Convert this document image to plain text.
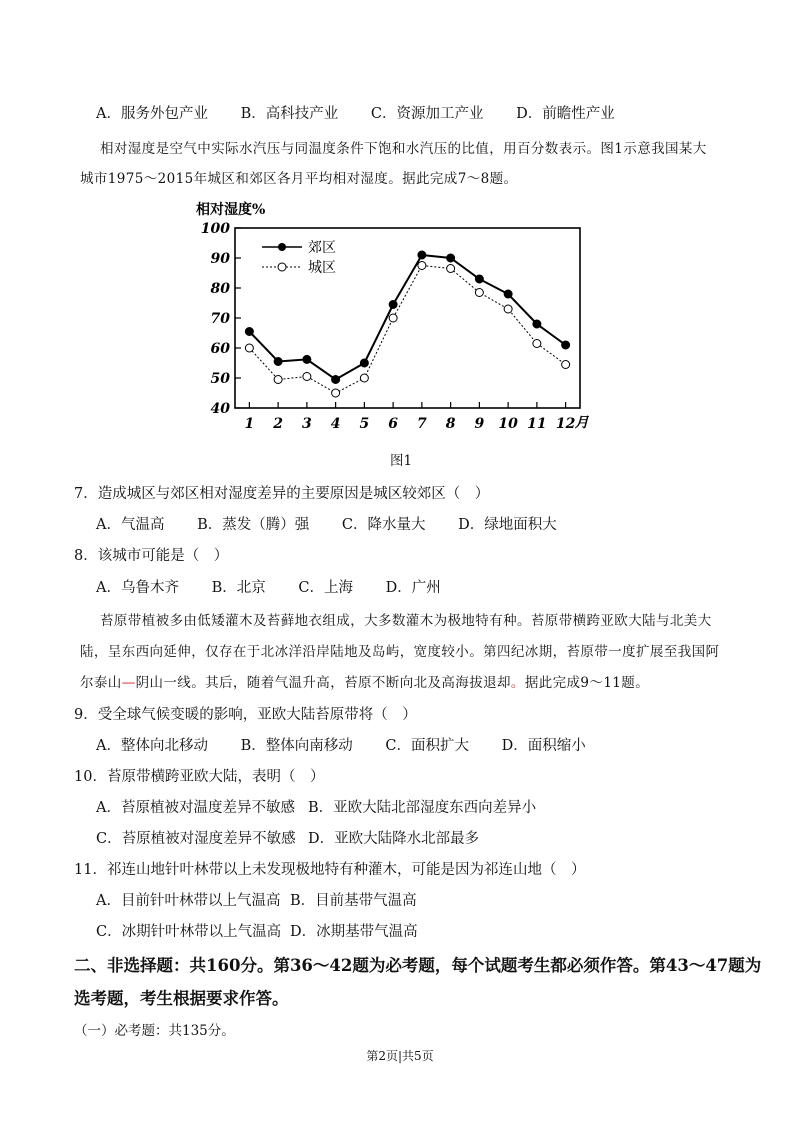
A．服务外包产业 B．高科技产业 C．资源加工产业 D．前瞻性产业
相对湿度是空气中实际水汽压与同温度条件下饱和水汽压的比值，用百分数表示。图1示意我国某大
城市1975～2015年城区和郊区各月平均相对湿度。据此完成7～8题。
相对湿度%
40
50
60
70
80
90
100
1 2 3 4 5 6 7 8 9 10 11 12 月
郊区
城区
图1
7．造成城区与郊区相对湿度差异的主要原因是城区较郊区（　）
A．气温高 B．蒸发（腾）强 C．降水量大 D．绿地面积大
8．该城市可能是（　）
A．乌鲁木齐 B．北京 C．上海 D．广州
苔原带植被多由低矮灌木及苔藓地衣组成，大多数灌木为极地特有种。苔原带横跨亚欧大陆与北美大
陆，呈东西向延伸，仅存在于北冰洋沿岸陆地及岛屿，宽度较小。第四纪冰期，苔原带一度扩展至我国阿
尔泰山—阴山一线。其后，随着气温升高，苔原不断向北及高海拔退却。据此完成9～11题。
9．受全球气候变暖的影响，亚欧大陆苔原带将（　）
A．整体向北移动 B．整体向南移动 C．面积扩大 D．面积缩小
10．苔原带横跨亚欧大陆，表明（　）
A．苔原植被对温度差异不敏感 B．亚欧大陆北部湿度东西向差异小
C．苔原植被对湿度差异不敏感 D．亚欧大陆降水北部最多
11．祁连山地针叶林带以上未发现极地特有种灌木，可能是因为祁连山地（　）
A．目前针叶林带以上气温高 B．目前基带气温高
C．冰期针叶林带以上气温高 D．冰期基带气温高
二、非选择题：共160分。第36～42题为必考题，每个试题考生都必须作答。第43～47题为
选考题，考生根据要求作答。
（一）必考题：共135分。
第2页|共5页
